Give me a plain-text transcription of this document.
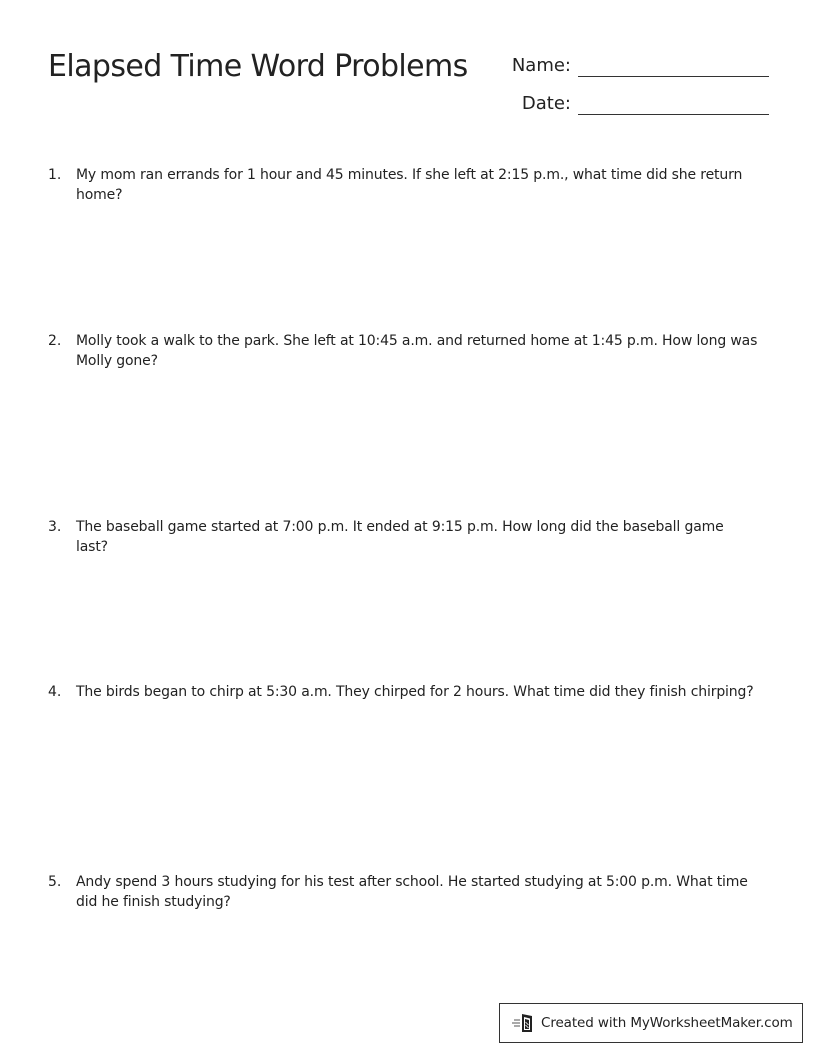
Elapsed Time Word Problems	Name:
Date:
1.	My mom ran errands for 1 hour and 45 minutes. If she left at 2:15 p.m., what time did she return home?
2.	Molly took a walk to the park. She left at 10:45 a.m. and returned home at 1:45 p.m. How long was Molly gone?
3.	The baseball game started at 7:00 p.m. It ended at 9:15 p.m. How long did the baseball game last?
4.	The birds began to chirp at 5:30 a.m. They chirped for 2 hours. What time did they finish chirping?
5.	Andy spend 3 hours studying for his test after school. He started studying at 5:00 p.m. What time did he finish studying?
Created with MyWorksheetMaker.com
